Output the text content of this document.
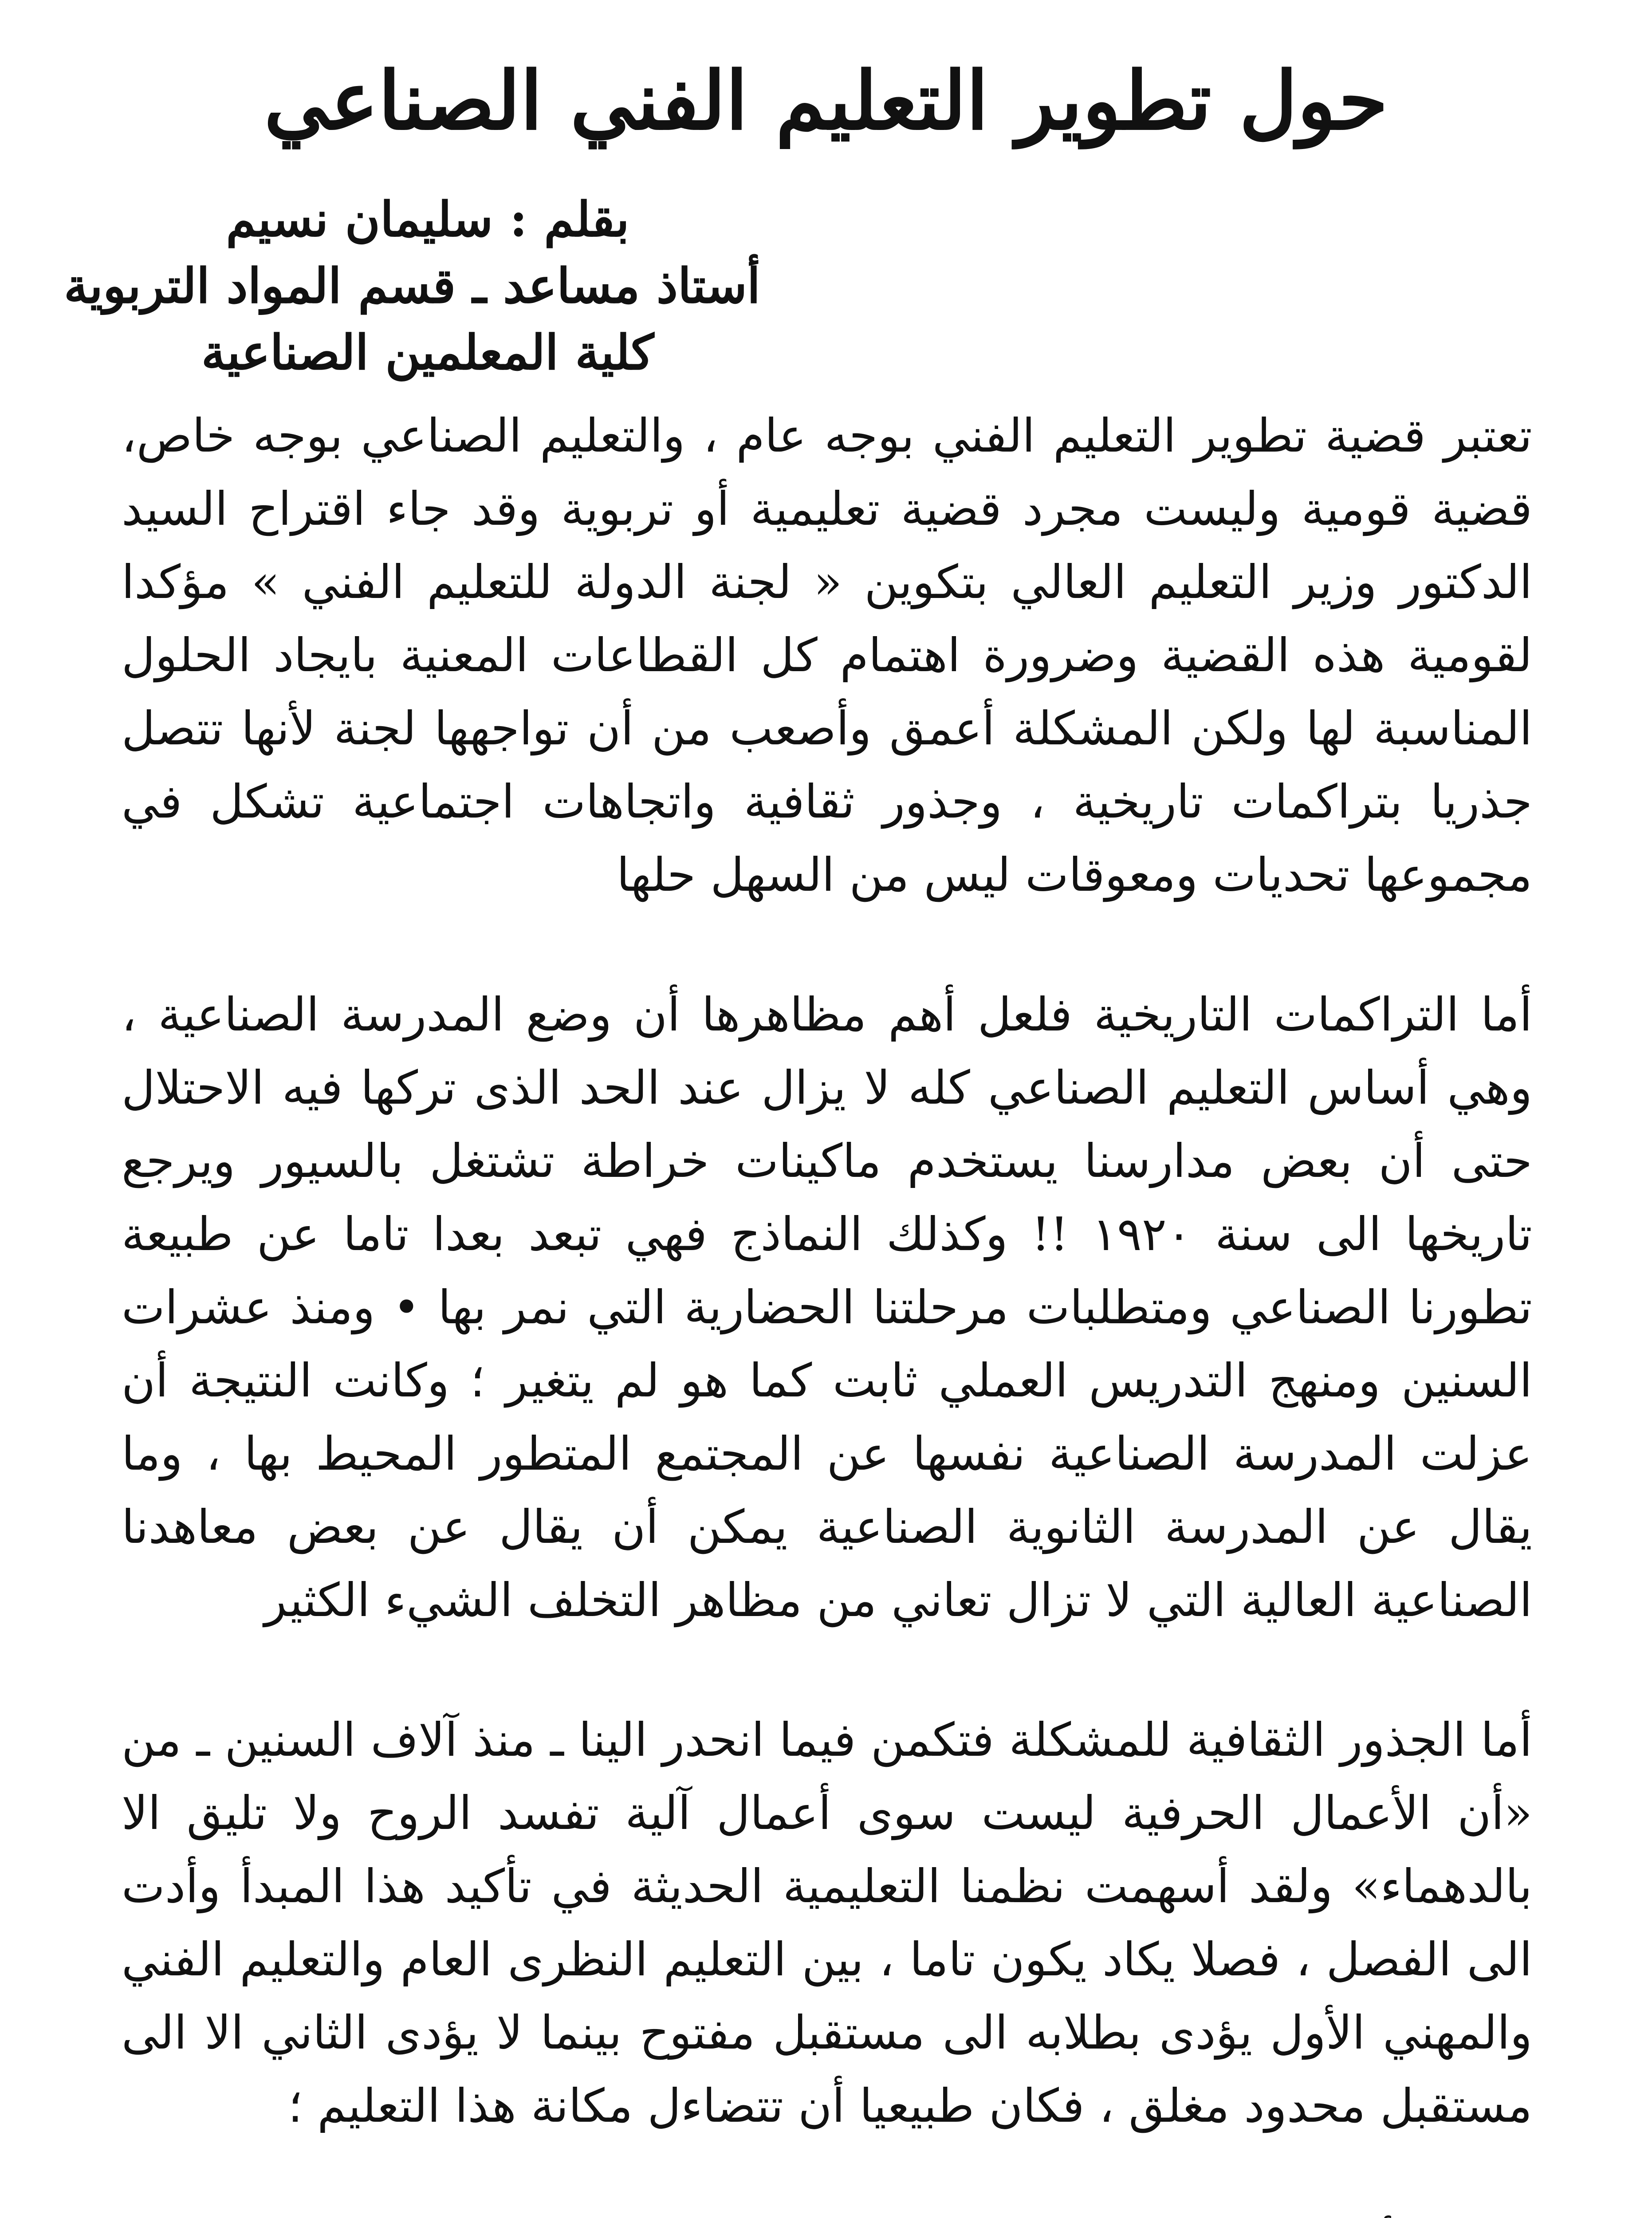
حول تطوير التعليم الفني الصناعي
بقلم : سليمان نسيم
أستاذ مساعد ـ قسم المواد التربوية
كلية المعلمين الصناعية

تعتبر قضية تطوير التعليم الفني بوجه عام ، والتعليم الصناعي بوجه خاص، قضية قومية وليست مجرد قضية تعليمية أو تربوية وقد جاء اقتراح السيد الدكتور وزير التعليم العالي بتكوين « لجنة الدولة للتعليم الفني » مؤكدا لقومية هذه القضية وضرورة اهتمام كل القطاعات المعنية بايجاد الحلول المناسبة لها ولكن المشكلة أعمق وأصعب من أن تواجهها لجنة لأنها تتصل جذريا بتراكمات تاريخية ، وجذور ثقافية واتجاهات اجتماعية تشكل في مجموعها تحديات ومعوقات ليس من السهل حلها

أما التراكمات التاريخية فلعل أهم مظاهرها أن وضع المدرسة الصناعية ، وهي أساس التعليم الصناعي كله لا يزال عند الحد الذى تركها فيه الاحتلال حتى أن بعض مدارسنا يستخدم ماكينات خراطة تشتغل بالسيور ويرجع تاريخها الى سنة ١٩٢٠ !! وكذلك النماذج فهي تبعد بعدا تاما عن طبيعة تطورنا الصناعي ومتطلبات مرحلتنا الحضارية التي نمر بها • ومنذ عشرات السنين ومنهج التدريس العملي ثابت كما هو لم يتغير ؛ وكانت النتيجة أن عزلت المدرسة الصناعية نفسها عن المجتمع المتطور المحيط بها ، وما يقال عن المدرسة الثانوية الصناعية يمكن أن يقال عن بعض معاهدنا الصناعية العالية التي لا تزال تعاني من مظاهر التخلف الشيء الكثير

أما الجذور الثقافية للمشكلة فتكمن فيما انحدر الينا ـ منذ آلاف السنين ـ من «أن الأعمال الحرفية ليست سوى أعمال آلية تفسد الروح ولا تليق الا بالدهماء» ولقد أسهمت نظمنا التعليمية الحديثة في تأكيد هذا المبدأ وأدت الى الفصل ، فصلا يكاد يكون تاما ، بين التعليم النظرى العام والتعليم الفني والمهني الأول يؤدى بطلابه الى مستقبل مفتوح بينما لا يؤدى الثاني الا الى مستقبل محدود مغلق ، فكان طبيعيا أن تتضاءل مكانة هذا التعليم ؛
